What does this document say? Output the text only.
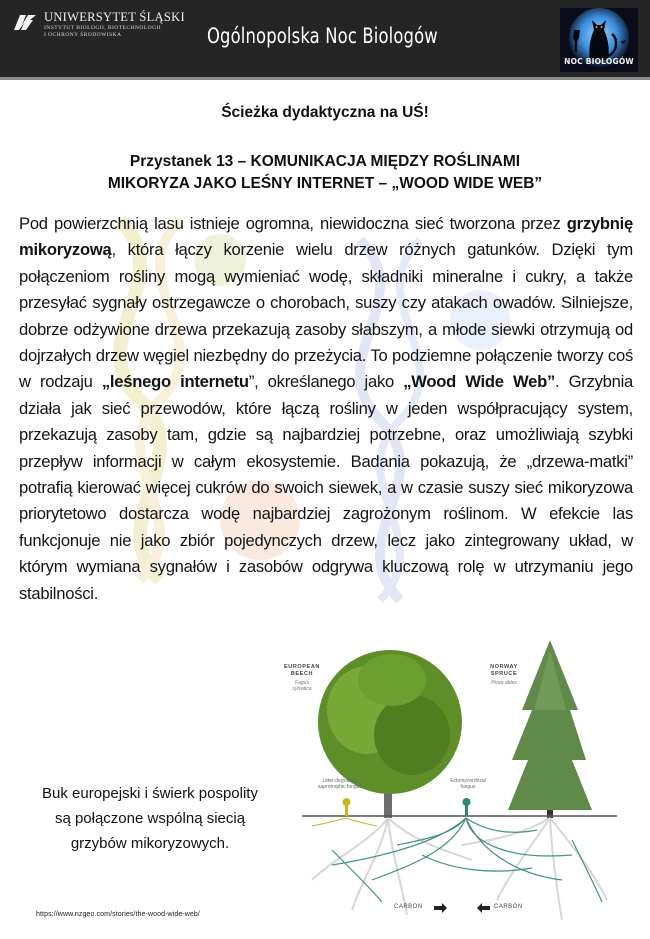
UNIWERSYTET ŚLĄSKI
INSTYTUT BIOLOGII, BIOTECHNOLOGII
I OCHRONY ŚRODOWISKA	Ogólnopolska Noc Biologów
NOC BIOLOGÓW
Ścieżka dydaktyczna na UŚ!
Przystanek 13 – KOMUNIKACJA MIĘDZY ROŚLINAMI
MIKORYZA JAKO LEŚNY INTERNET – „WOOD WIDE WEB”

Pod powierzchnią lasu istnieje ogromna, niewidoczna sieć tworzona przez grzybnię mikoryzową, która łączy korzenie wielu drzew różnych gatunków. Dzięki tym połączeniom rośliny mogą wymieniać wodę, składniki mineralne i cukry, a także przesyłać sygnały ostrzegawcze o chorobach, suszy czy atakach owadów. Silniejsze, dobrze odżywione drzewa przekazują zasoby słabszym, a młode siewki otrzymują od dojrzałych drzew węgiel niezbędny do przeżycia. To podziemne połączenie tworzy coś w rodzaju „leśnego internetu”, określanego jako „Wood Wide Web”. Grzybnia działa jak sieć przewodów, które łączą rośliny w jeden współpracujący system, przekazują zasoby tam, gdzie są najbardziej potrzebne, oraz umożliwiają szybki przepływ informacji w całym ekosystemie. Badania pokazują, że „drzewa-matki” potrafią kierować więcej cukrów do swoich siewek, a w czasie suszy sieć mikoryzowa priorytetowo dostarcza wodę najbardziej zagrożonym roślinom. W efekcie las funkcjonuje nie jako zbiór pojedynczych drzew, lecz jako zintegrowany układ, w którym wymiana sygnałów i zasobów odgrywa kluczową rolę w utrzymaniu jego stabilności.

EUROPEAN
BEECH
Fagus
sylvatica
NORWAY
SPRUCE
Picea abies
Litter-degrading
saprotrophic fungus
Ectomycorrhizal
fungus
CARBON	CARBON
Buk europejski i świerk pospolity
są połączone wspólną siecią
grzybów mikoryzowych.
https://www.nzgeo.com/stories/the-wood-wide-web/
